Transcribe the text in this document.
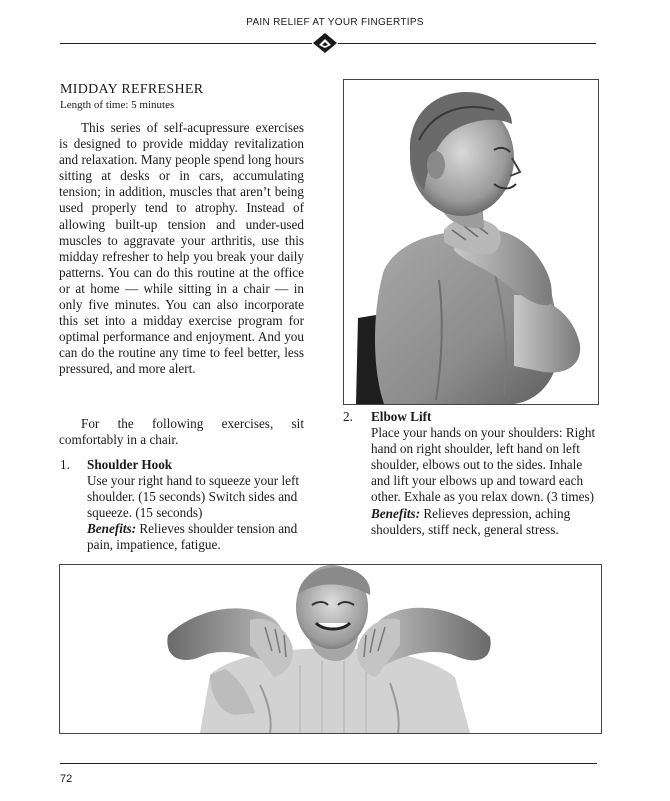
PAIN RELIEF AT YOUR FINGERTIPS
MIDDAY REFRESHER
Length of time: 5 minutes

This series of self-acupressure exercises is designed to provide midday revitalization and relaxation. Many people spend long hours sitting at desks or in cars, accumulating tension; in addition, muscles that aren’t being used properly tend to atrophy. Instead of allowing built-up tension and under-used muscles to aggravate your arthritis, use this midday refresher to help you break your daily patterns. You can do this routine at the office or at home — while sitting in a chair — in only five minutes. You can also incorporate this set into a midday exercise program for optimal performance and enjoyment. And you can do the routine any time to feel better, less pressured, and more alert.

For the following exercises, sit comfortably in a chair.

1. Shoulder Hook

Use your right hand to squeeze your left shoulder. (15 seconds) Switch sides and squeeze. (15 seconds)

Benefits: Relieves shoulder tension and pain, impatience, fatigue.

2. Elbow Lift

Place your hands on your shoulders: Right hand on right shoulder, left hand on left shoulder, elbows out to the sides. Inhale and lift your elbows up and toward each other. Exhale as you relax down. (3 times)

Benefits: Relieves depression, aching shoulders, stiff neck, general stress.

72
